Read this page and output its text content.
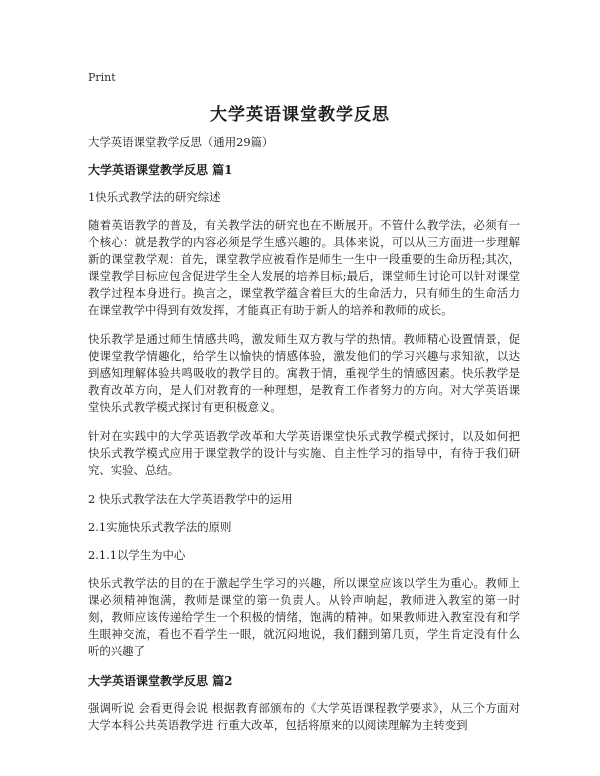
Print
大学英语课堂教学反思

大学英语课堂教学反思（通用29篇）

大学英语课堂教学反思 篇1

1快乐式教学法的研究综述

随着英语教学的普及，有关教学法的研究也在不断展开。不管什么教学法，必须有一个核心：就是教学的内容必须是学生感兴趣的。具体来说，可以从三方面进一步理解新的课堂教学观：首先，课堂教学应被看作是师生一生中一段重要的生命历程;其次，课堂教学目标应包含促进学生全人发展的培养目标;最后，课堂师生讨论可以针对课堂教学过程本身进行。换言之，课堂教学蕴含着巨大的生命活力，只有师生的生命活力在课堂教学中得到有效发挥，才能真正有助于新人的培养和教师的成长。

快乐教学是通过师生情感共鸣，激发师生双方教与学的热情。教师精心设置情景，促使课堂教学情趣化，给学生以愉快的情感体验，激发他们的学习兴趣与求知欲，以达到感知理解体验共鸣吸收的教学目的。寓教于情，重视学生的情感因素。快乐教学是教育改革方向，是人们对教育的一种理想，是教育工作者努力的方向。对大学英语课堂快乐式教学模式探讨有更积极意义。

针对在实践中的大学英语教学改革和大学英语课堂快乐式教学模式探讨，以及如何把快乐式教学模式应用于课堂教学的设计与实施、自主性学习的指导中，有待于我们研究、实验、总结。

2 快乐式教学法在大学英语教学中的运用

2.1实施快乐式教学法的原则

2.1.1以学生为中心

快乐式教学法的目的在于激起学生学习的兴趣，所以课堂应该以学生为重心。教师上课必须精神饱满，教师是课堂的第一负责人。从铃声响起，教师进入教室的第一时刻，教师应该传递给学生一个积极的情绪，饱满的精神。如果教师进入教室没有和学生眼神交流，看也不看学生一眼，就沉闷地说，我们翻到第几页，学生肯定没有什么听的兴趣了

大学英语课堂教学反思 篇2

强调听说 会看更得会说 根据教育部颁布的《大学英语课程教学要求》，从三个方面对大学本科公共英语教学进 行重大改革，包括将原来的以阅读理解为主转变到
